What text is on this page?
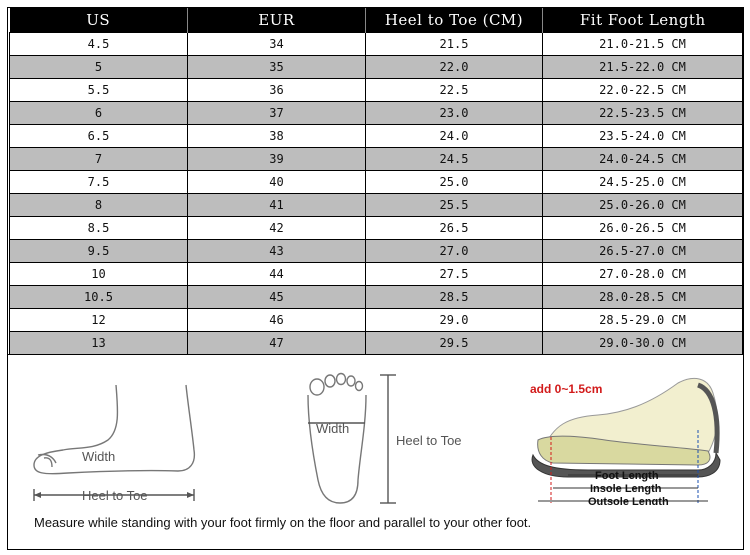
US	EUR	Heel to Toe (CM)	Fit Foot Length
4.5	34	21.5	21.0-21.5 CM
5	35	22.0	21.5-22.0 CM
5.5	36	22.5	22.0-22.5 CM
6	37	23.0	22.5-23.5 CM
6.5	38	24.0	23.5-24.0 CM
7	39	24.5	24.0-24.5 CM
7.5	40	25.0	24.5-25.0 CM
8	41	25.5	25.0-26.0 CM
8.5	42	26.5	26.0-26.5 CM
9.5	43	27.0	26.5-27.0 CM
10	44	27.5	27.0-28.0 CM
10.5	45	28.5	28.0-28.5 CM
12	46	29.0	28.5-29.0 CM
13	47	29.5	29.0-30.0 CM
Width
Heel to Toe
Width
Heel to Toe
add 0~1.5cm
Foot Length
Insole Length
Outsole Length
Measure while standing with your foot firmly on the floor and parallel to your other foot.
